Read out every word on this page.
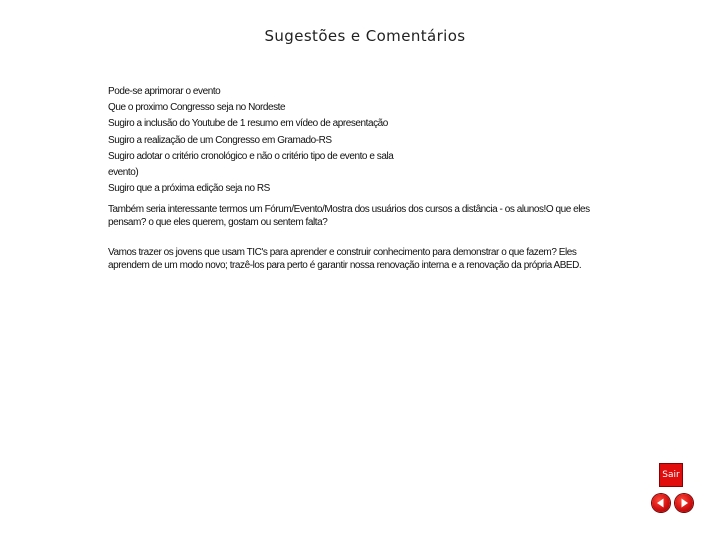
Sugestões e Comentários
Pode-se aprimorar o evento
Que o proximo Congresso seja no Nordeste
Sugiro a inclusão do Youtube de 1 resumo em vídeo de apresentação
Sugiro a realização de um Congresso em Gramado-RS
Sugiro adotar o critério cronológico e não o critério tipo de evento e sala
evento)
Sugiro que a próxima edição seja no RS
Também seria interessante termos um Fórum/Evento/Mostra dos usuários dos cursos a distância - os alunos!O que eles pensam? o que eles querem, gostam ou sentem falta?
Vamos trazer os jovens que usam TIC's para aprender e construir conhecimento para demonstrar o que fazem? Eles aprendem de um modo novo; trazê-los para perto é garantir nossa renovação interna e a renovação da própria ABED.
Sair
